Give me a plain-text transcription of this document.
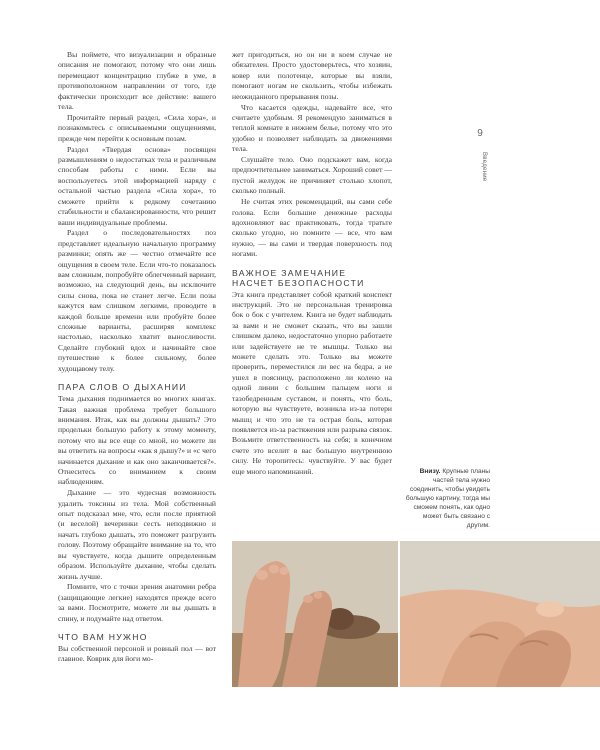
Вы поймете, что визуализации и образные описания не помогают, потому что они лишь перемещают концентрацию глубже в уме, в противоположном направлении от того, где фактически происходит все действие: вашего тела.

Прочитайте первый раздел, «Сила хора», и познакомьтесь с описываемыми ощущениями, прежде чем перейти к основным позам.

Раздел «Твердая основа» посвящен размышлениям о недостатках тела и различным способам работы с ними. Если вы воспользуетесь этой информацией наряду с остальной частью раздела «Сила хора», то сможете прийти к редкому сочетанию стабильности и сбалансированности, что решит ваши индивидуальные проблемы.

Раздел о последовательностях поз представляет идеальную начальную программу разминки; опять же — честно отмечайте все ощущения в своем теле. Если что-то показалось вам сложным, попробуйте облегченный вариант, возможно, на следующий день, вы исключите силы снова, пока не станет легче. Если позы кажутся вам слишком легкими, проводите в каждой больше времени или пробуйте более сложные варианты, расширяя комплекс настолько, насколько хватит выносливости. Сделайте глубокий вдох и начинайте свое путешествие к более сильному, более худощавому телу.

ПАРА СЛОВ О ДЫХАНИИ

Тема дыхания поднимается во многих книгах. Такая важная проблема требует большого внимания. Итак, как вы должны дышать? Это продельки большую работу к этому моменту, потому что вы все еще со мной, но можете ли вы ответить на вопросы «как я дышу?» и «с чего начинается дыхание и как оно заканчивается?». Отнеситесь со вниманием к своим наблюдениям.

Дыхание — это чудесная возможность удалить токсины из тела. Мой собственный опыт подсказал мне, что, если после приятной (и веселой) вечеринки сесть неподвижно и начать глубоко дышать, это поможет разгрузить голову. Поэтому обращайте внимание на то, что вы чувствуете, когда дышите определенным образом. Используйте дыхание, чтобы сделать жизнь лучше.

Помните, что с точки зрения анатомии ребра (защищающие легкие) находятся прежде всего за вами. Посмотрите, можете ли вы дышать в спину, и подумайте над ответом.

ЧТО ВАМ НУЖНО

Вы собственной персоной и ровный пол — вот главное. Коврик для йоги мо-

жет пригодиться, но он ни в коем случае не обязателен. Просто удостоверьтесь, что хозяин, ковер или полотенце, которые вы взяли, помогают ногам не скользить, чтобы избежать неожиданного прерывания позы.

Что касается одежды, надевайте все, что считаете удобным. Я рекомендую заниматься в теплой комнате в нижнем белье, потому что это удобно и позволяет наблюдать за движениями тела.

Слушайте тело. Оно подскажет вам, когда предпочтительнее заниматься. Хороший совет — пустой желудок не причиняет столько хлопот, сколько полный.

Не считая этих рекомендаций, вы сами себе голова. Если большие денежные расходы вдохновляют вас практиковать, тогда тратьте сколько угодно, но помните — все, что вам нужно, — вы сами и твердая поверхность под ногами.

ВАЖНОЕ ЗАМЕЧАНИЕ НАСЧЕТ БЕЗОПАСНОСТИ

Эта книга представляет собой краткий конспект инструкций. Это не персональная тренировка бок о бок с учителем. Книга не будет наблюдать за вами и не сможет сказать, что вы зашли слишком далеко, недостаточно упорно работаете или задействуете не те мышцы. Только вы можете сделать это. Только вы можете проверить, переместился ли вес на бедра, а не ушел в поясницу, расположено ли колено на одной линии с большим пальцем ноги и тазобедренным суставом, и понять, что боль, которую вы чувствуете, возникла из-за потери мышц и что это не та острая боль, которая появляется из-за растяжения или разрыва связок. Возьмите ответственность на себя; в конечном счете это вселит в вас большую внутреннюю силу. Не торопитесь: чувствуйте. У вас будет еще много напоминаний.

9
Введение
Внизу. Крупные планы частей тела нужно соединить, чтобы увидеть большую картину, тогда мы сможем понять, как одно может быть связано с другим.
